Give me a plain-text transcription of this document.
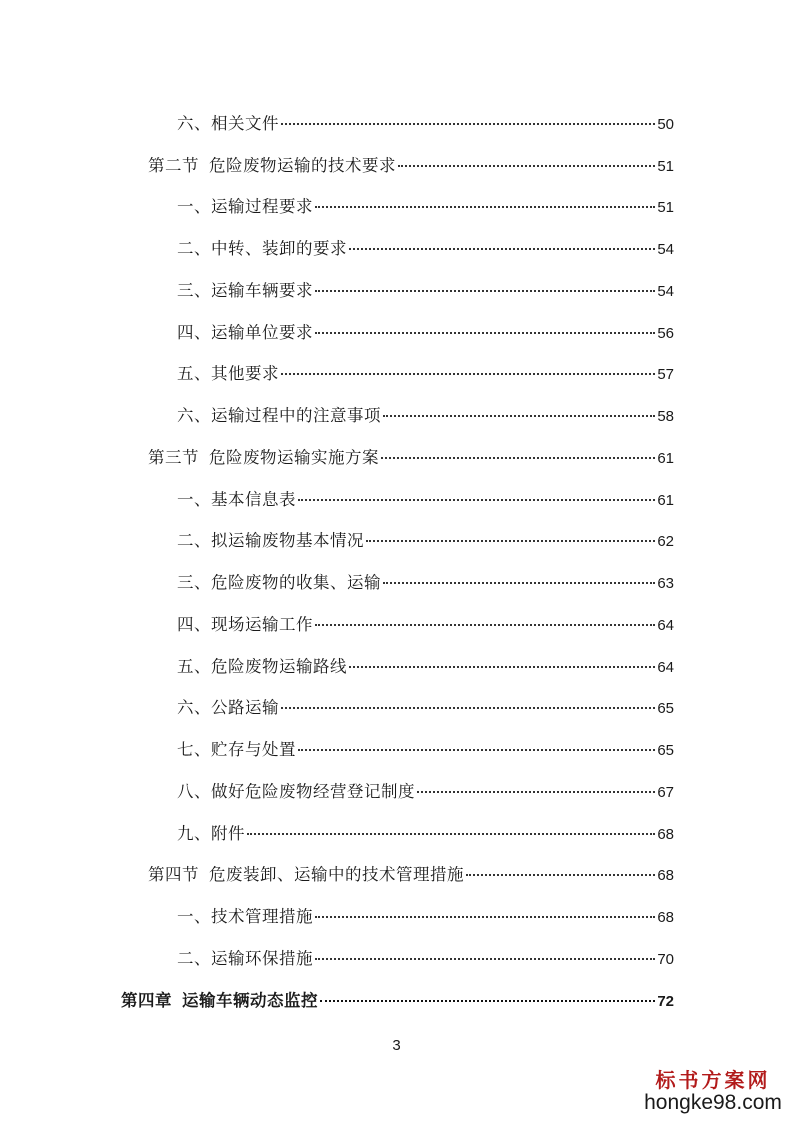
六、相关文件	50
第二节 危险废物运输的技术要求	51
一、运输过程要求	51
二、中转、装卸的要求	54
三、运输车辆要求	54
四、运输单位要求	56
五、其他要求	57
六、运输过程中的注意事项	58
第三节 危险废物运输实施方案	61
一、基本信息表	61
二、拟运输废物基本情况	62
三、危险废物的收集、运输	63
四、现场运输工作	64
五、危险废物运输路线	64
六、公路运输	65
七、贮存与处置	65
八、做好危险废物经营登记制度	67
九、附件	68
第四节 危废装卸、运输中的技术管理措施	68
一、技术管理措施	68
二、运输环保措施	70
第四章 运输车辆动态监控	72
3
标书方案网
hongke98.com
